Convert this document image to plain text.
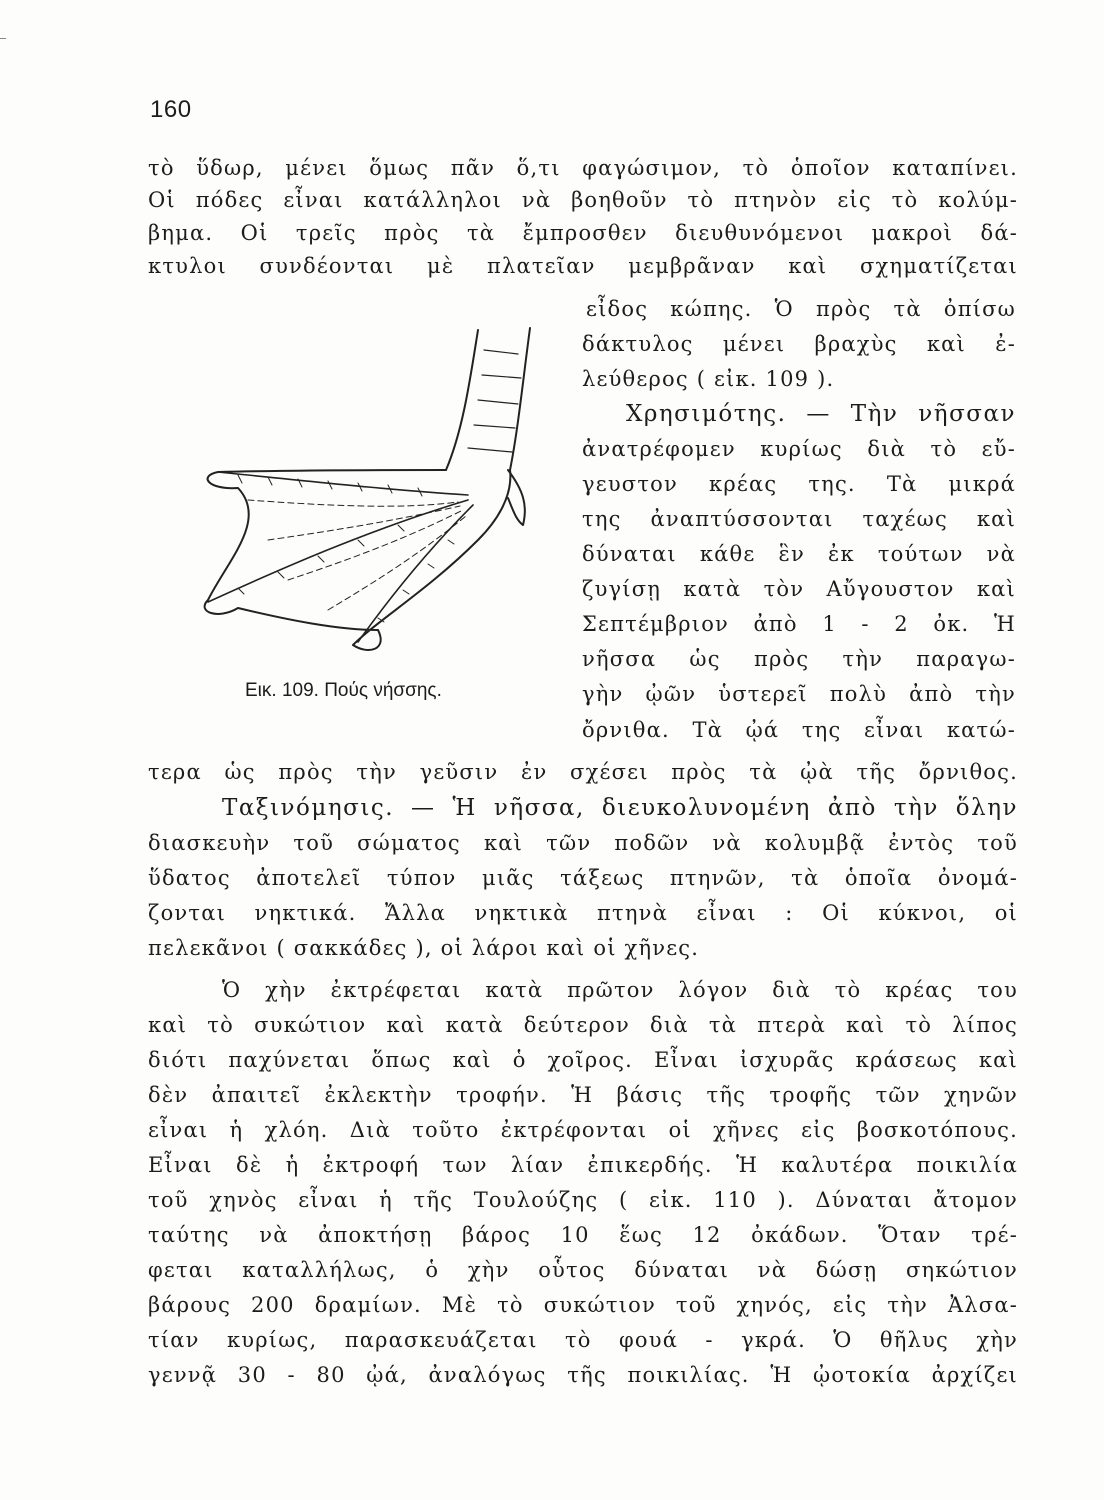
160
τὸ ὕδωρ, μένει ὅμως πᾶν ὅ,τι φαγώσιμον, τὸ ὁποῖον καταπίνει.
Οἱ πόδες εἶναι κατάλληλοι νὰ βοηθοῦν τὸ πτηνὸν εἰς τὸ κολύμ-
βημα. Οἱ τρεῖς πρὸς τὰ ἔμπροσθεν διευθυνόμενοι μακροὶ δά-
κτυλοι συνδέονται μὲ πλατεῖαν μεμβρᾶναν καὶ σχηματίζεται
εἶδος κώπης. Ὁ πρὸς τὰ ὀπίσω
δάκτυλος μένει βραχὺς καὶ ἐ-
λεύθερος ( εἰκ. 109 ).
Χρησιμότης. — Τὴν νῆσσαν
ἀνατρέφομεν κυρίως διὰ τὸ εὔ-
γευστον κρέας της. Τὰ μικρά
της ἀναπτύσσονται ταχέως καὶ
δύναται κάθε ἓν ἐκ τούτων νὰ
ζυγίσῃ κατὰ τὸν Αὔγουστον καὶ
Σεπτέμβριον ἀπὸ 1 - 2 ὀκ. Ἡ
νῆσσα ὡς πρὸς τὴν παραγω-
γὴν ᾠῶν ὑστερεῖ πολὺ ἀπὸ τὴν
ὄρνιθα. Τὰ ᾠά της εἶναι κατώ-
Εικ. 109. Πούς νήσσης.
τερα ὡς πρὸς τὴν γεῦσιν ἐν σχέσει πρὸς τὰ ᾠὰ τῆς ὄρνιθος.
Ταξινόμησις. — Ἡ νῆσσα, διευκολυνομένη ἀπὸ τὴν ὅλην
διασκευὴν τοῦ σώματος καὶ τῶν ποδῶν νὰ κολυμβᾷ ἐντὸς τοῦ
ὕδατος ἀποτελεῖ τύπον μιᾶς τάξεως πτηνῶν, τὰ ὁποῖα ὀνομά-
ζονται νηκτικά. Ἄλλα νηκτικὰ πτηνὰ εἶναι : Οἱ κύκνοι, οἱ
πελεκᾶνοι ( σακκάδες ), οἱ λάροι καὶ οἱ χῆνες.
Ὁ χὴν ἐκτρέφεται κατὰ πρῶτον λόγον διὰ τὸ κρέας του
καὶ τὸ συκώτιον καὶ κατὰ δεύτερον διὰ τὰ πτερὰ καὶ τὸ λίπος
διότι παχύνεται ὅπως καὶ ὁ χοῖρος. Εἶναι ἰσχυρᾶς κράσεως καὶ
δὲν ἀπαιτεῖ ἐκλεκτὴν τροφήν. Ἡ βάσις τῆς τροφῆς τῶν χηνῶν
εἶναι ἡ χλόη. Διὰ τοῦτο ἐκτρέφονται οἱ χῆνες εἰς βοσκοτόπους.
Εἶναι δὲ ἡ ἐκτροφή των λίαν ἐπικερδής. Ἡ καλυτέρα ποικιλία
τοῦ χηνὸς εἶναι ἡ τῆς Τουλούζης ( εἰκ. 110 ). Δύναται ἄτομον
ταύτης νὰ ἀποκτήσῃ βάρος 10 ἕως 12 ὀκάδων. Ὅταν τρέ-
φεται καταλλήλως, ὁ χὴν οὗτος δύναται νὰ δώσῃ σηκώτιον
βάρους 200 δραμίων. Μὲ τὸ συκώτιον τοῦ χηνός, εἰς τὴν Ἀλσα-
τίαν κυρίως, παρασκευάζεται τὸ φουά - γκρά. Ὁ θῆλυς χὴν
γεννᾷ 30 - 80 ᾠά, ἀναλόγως τῆς ποικιλίας. Ἡ ᾠοτοκία ἀρχίζει
